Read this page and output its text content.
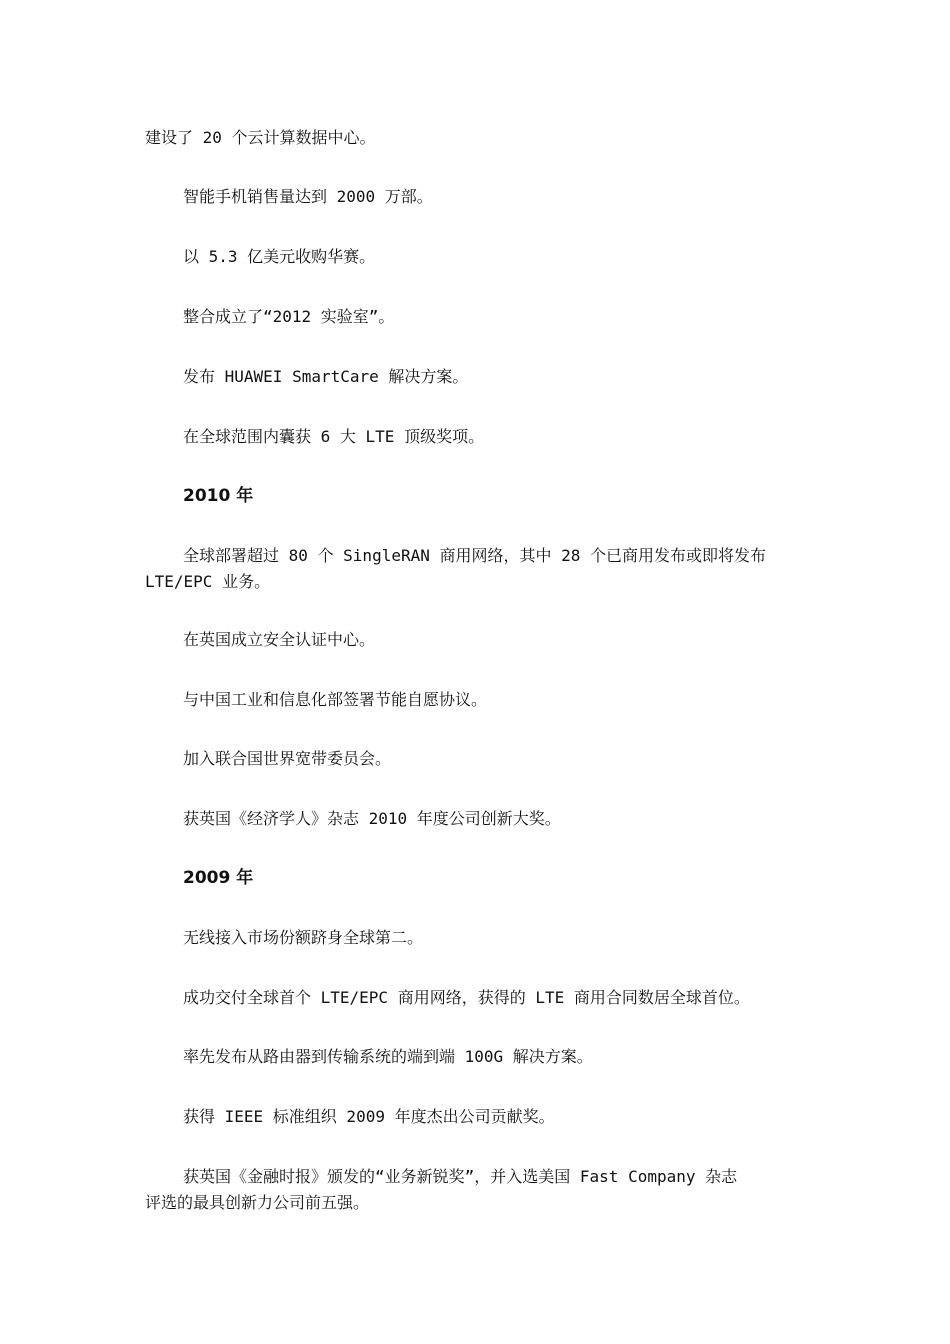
建设了 20 个云计算数据中心。

智能手机销售量达到 2000 万部。

以 5.3 亿美元收购华赛。

整合成立了“2012 实验室”。

发布 HUAWEI SmartCare 解决方案。

在全球范围内囊获 6 大 LTE 顶级奖项。

2010 年

全球部署超过 80 个 SingleRAN 商用网络，其中 28 个已商用发布或即将发布

LTE/EPC 业务。

在英国成立安全认证中心。

与中国工业和信息化部签署节能自愿协议。

加入联合国世界宽带委员会。

获英国《经济学人》杂志 2010 年度公司创新大奖。

2009 年

无线接入市场份额跻身全球第二。

成功交付全球首个 LTE/EPC 商用网络，获得的 LTE 商用合同数居全球首位。

率先发布从路由器到传输系统的端到端 100G 解决方案。

获得 IEEE 标准组织 2009 年度杰出公司贡献奖。

获英国《金融时报》颁发的“业务新锐奖”，并入选美国 Fast Company 杂志

评选的最具创新力公司前五强。
